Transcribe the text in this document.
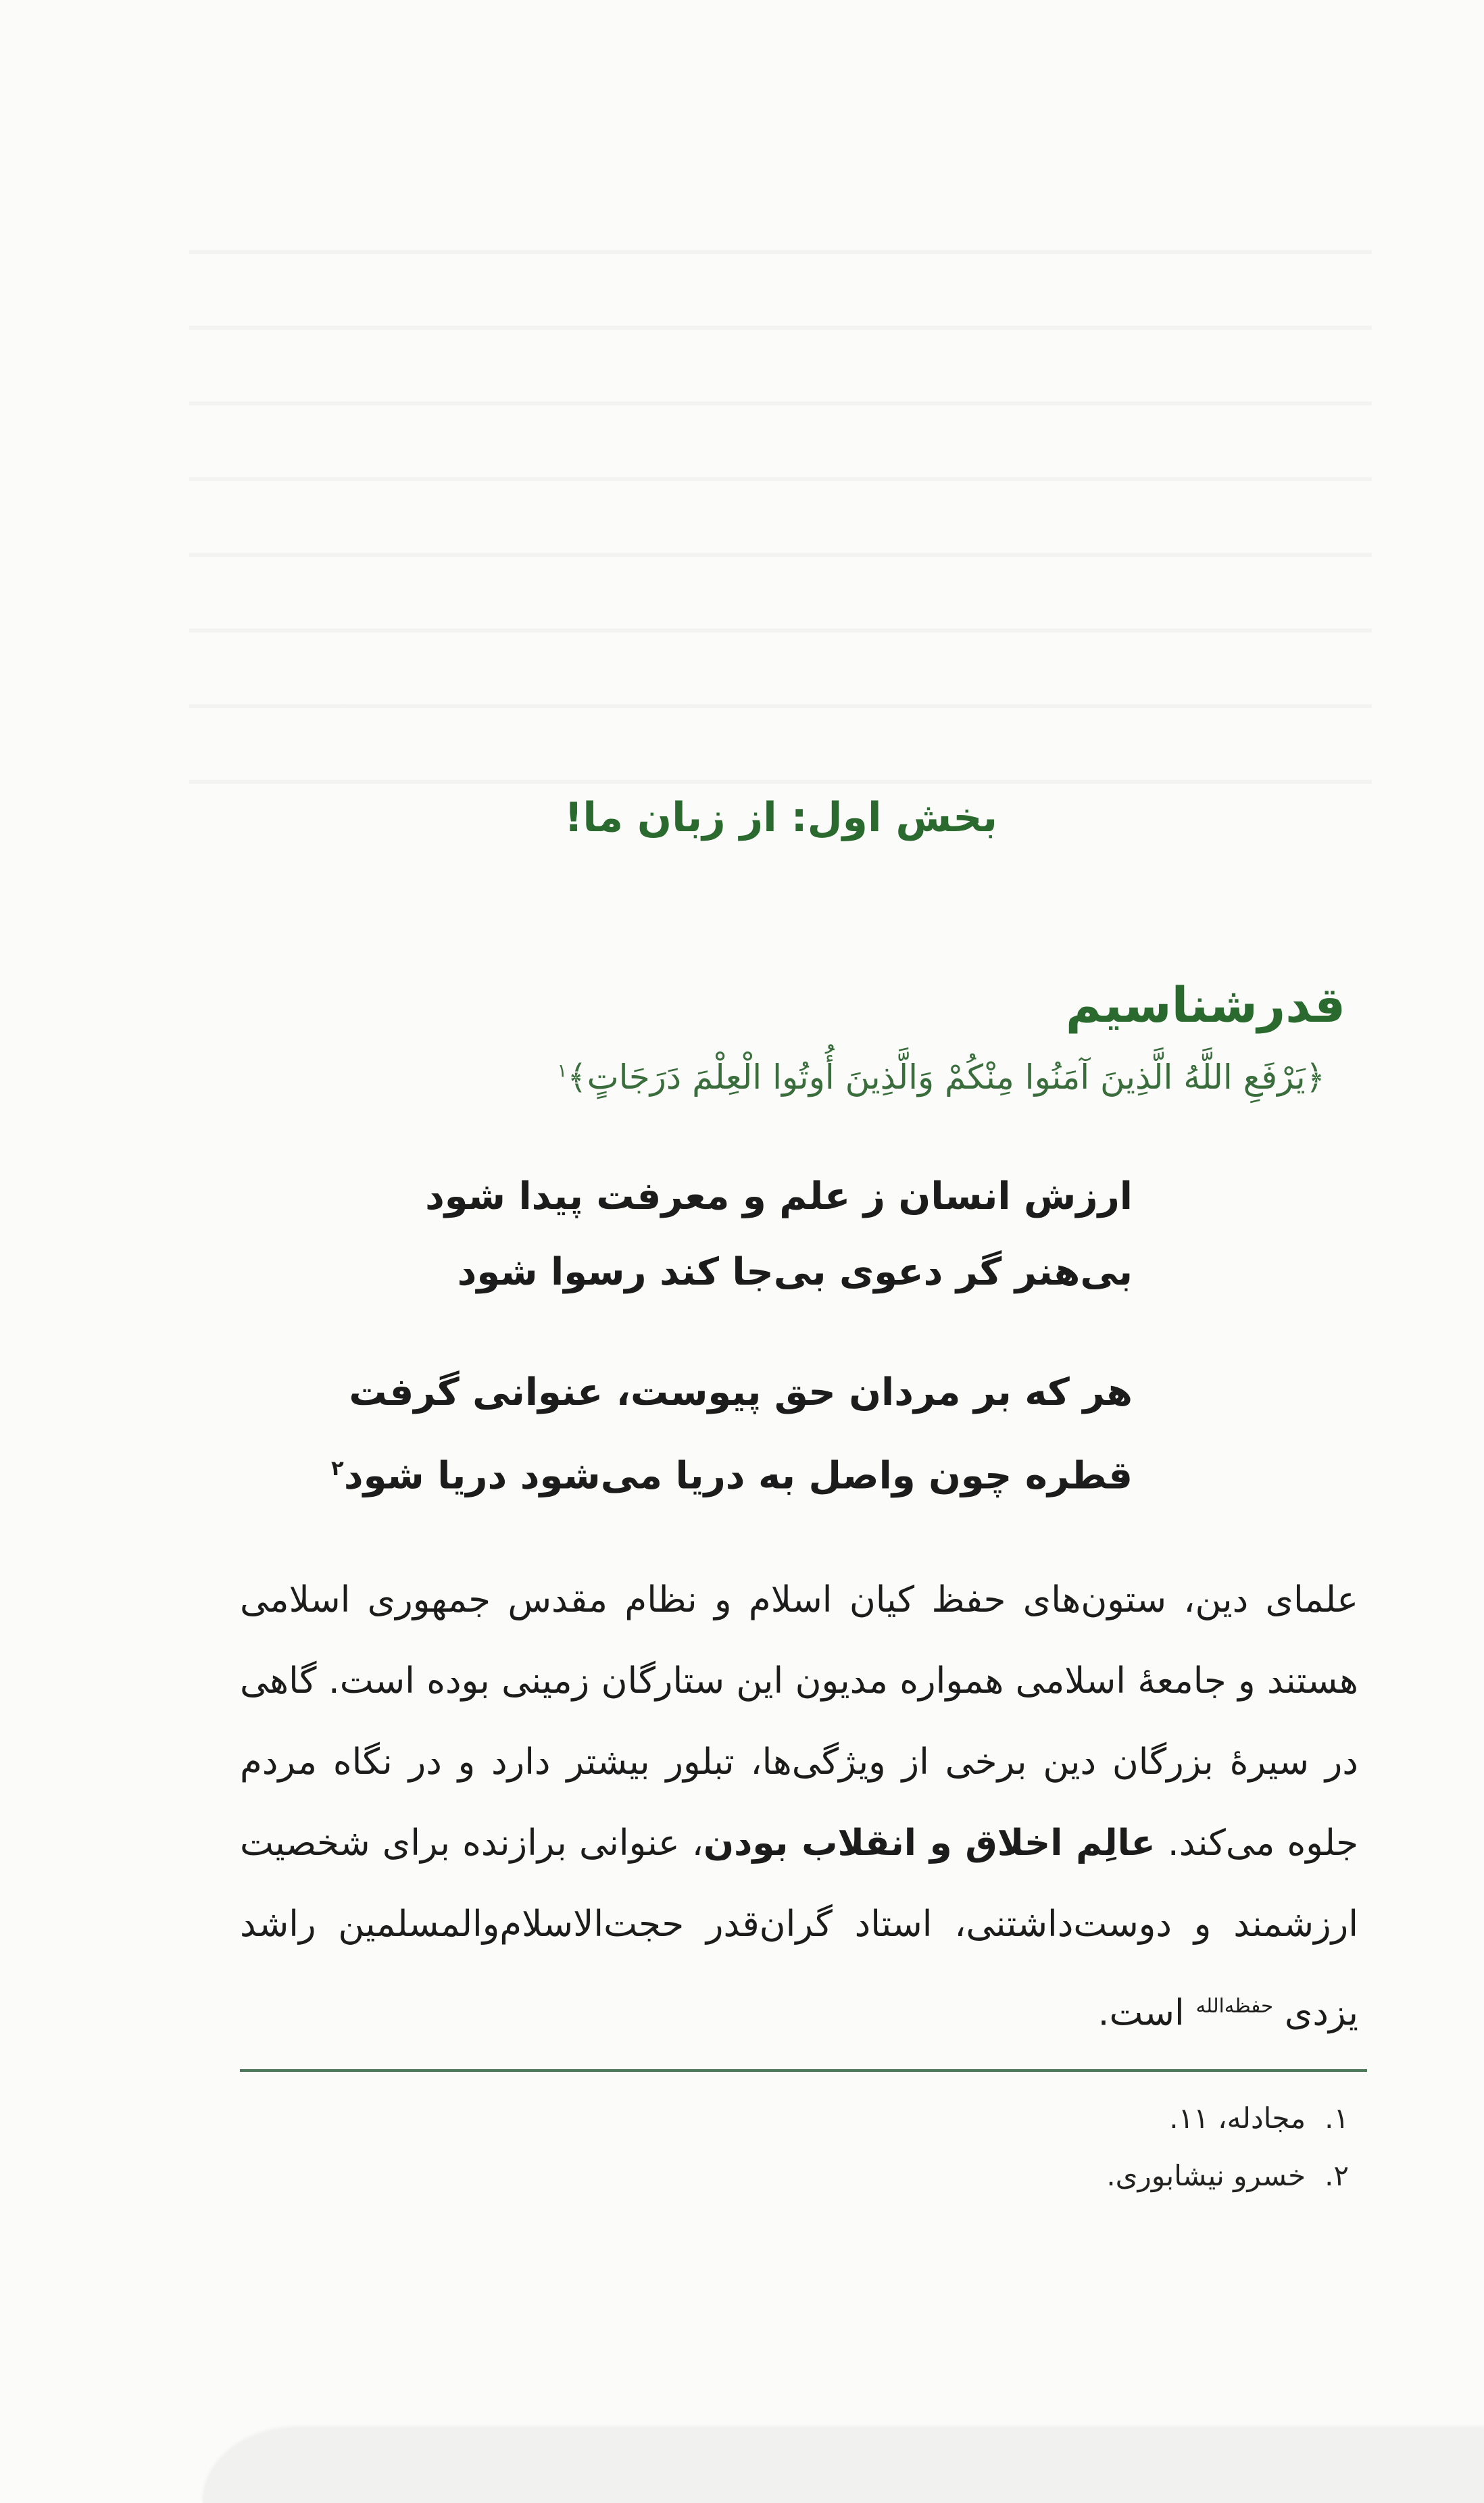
بخش اول: از زبان ما!
قدرشناسیم
﴿یَرْفَعِ اللَّهُ الَّذِینَ آمَنُوا مِنْکُمْ وَالَّذِینَ أُوتُوا الْعِلْمَ دَرَجَاتٍ﴾$^۱$
ارزش انسان ز علم و معرفت پیدا شود
بی‌هنر گر دعوی بی‌جا کند رسوا شود
هر که بر مردان حق پیوست، عنوانی گرفت
قطره چون واصل به دریا می‌شود دریا شود$^۲$

علمای دین، ستون‌های حفظ کیان اسلام و نظام مقدس جمهوری اسلامی هستند و جامعهٔ اسلامی همواره مدیون این ستارگان زمینی بوده است. گاهی در سیرهٔ بزرگان دین برخی از ویژگی‌ها، تبلور بیشتر دارد و در نگاه مردم جلوه می‌کند. عالِم اخلاق و انقلاب بودن، عنوانی برازنده برای شخصیت ارزشمند و دوست‌داشتنی، استاد گران‌قدر حجت‌الاسلام‌والمسلمین راشد یزدی $^{حفظه‌الله}$ است.

۱.مجادله، ۱۱.
۲.خسرو نیشابوری.
